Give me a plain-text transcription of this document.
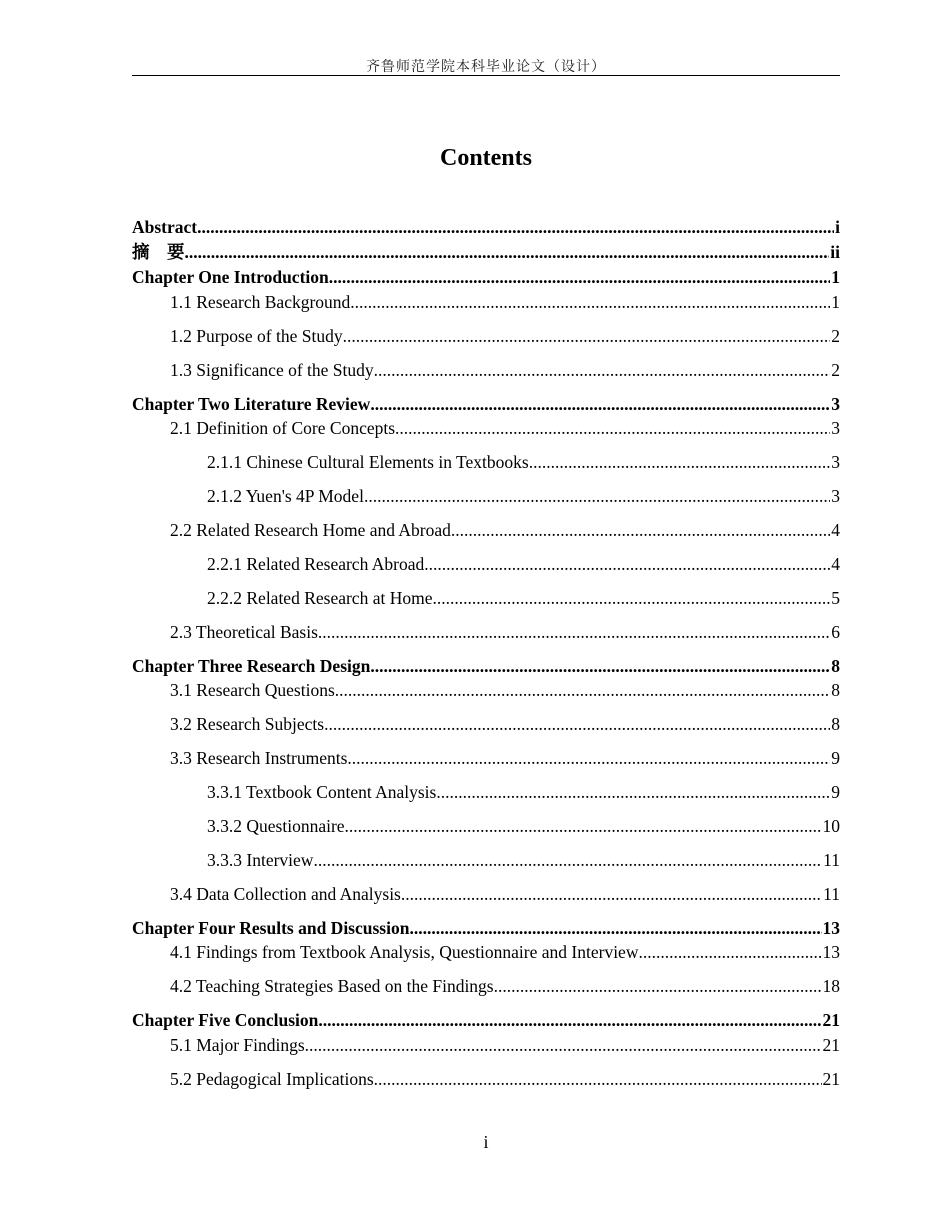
齐鲁师范学院本科毕业论文（设计）
Contents
Abstract .....	i
摘　要 .....	ii
Chapter One Introduction .....	1
1.1 Research Background .....	1
1.2 Purpose of the Study .....	2
1.3 Significance of the Study .....	2
Chapter Two Literature Review .....	3
2.1 Definition of Core Concepts .....	3
2.1.1 Chinese Cultural Elements in Textbooks .....	3
2.1.2 Yuen's 4P Model .....	3
2.2 Related Research Home and Abroad .....	4
2.2.1 Related Research Abroad .....	4
2.2.2 Related Research at Home .....	5
2.3 Theoretical Basis .....	6
Chapter Three Research Design .....	8
3.1 Research Questions .....	8
3.2 Research Subjects .....	8
3.3 Research Instruments .....	9
3.3.1 Textbook Content Analysis .....	9
3.3.2 Questionnaire .....	10
3.3.3 Interview .....	11
3.4 Data Collection and Analysis .....	11
Chapter Four Results and Discussion .....	13
4.1 Findings from Textbook Analysis, Questionnaire and Interview .....	13
4.2 Teaching Strategies Based on the Findings .....	18
Chapter Five Conclusion .....	21
5.1 Major Findings .....	21
5.2 Pedagogical Implications .....	21
i
